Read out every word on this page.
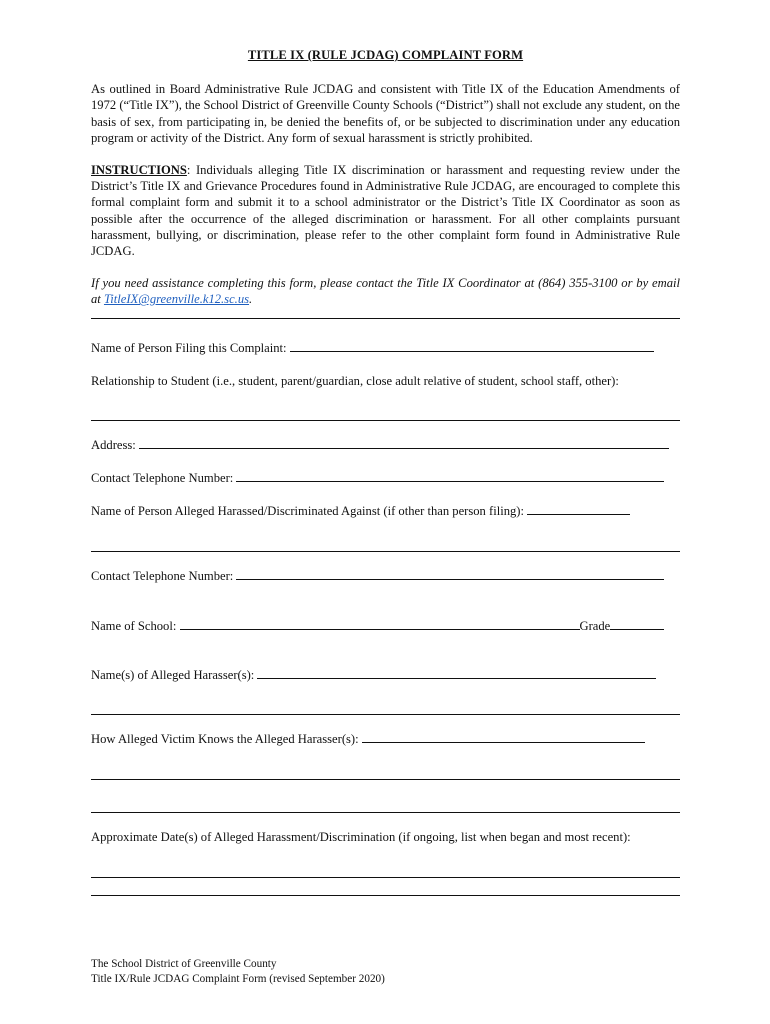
TITLE IX (RULE JCDAG) COMPLAINT FORM

As outlined in Board Administrative Rule JCDAG and consistent with Title IX of the Education Amendments of 1972 (“Title IX”), the School District of Greenville County Schools (“District”) shall not exclude any student, on the basis of sex, from participating in, be denied the benefits of, or be subjected to discrimination under any education program or activity of the District. Any form of sexual harassment is strictly prohibited.

INSTRUCTIONS: Individuals alleging Title IX discrimination or harassment and requesting review under the District’s Title IX and Grievance Procedures found in Administrative Rule JCDAG, are encouraged to complete this formal complaint form and submit it to a school administrator or the District’s Title IX Coordinator as soon as possible after the occurrence of the alleged discrimination or harassment. For all other complaints pursuant harassment, bullying, or discrimination, please refer to the other complaint form found in Administrative Rule JCDAG.

If you need assistance completing this form, please contact the Title IX Coordinator at (864) 355-3100 or by email at TitleIX@greenville.k12.sc.us.

Name of Person Filing this Complaint:
Relationship to Student (i.e., student, parent/guardian, close adult relative of student, school staff, other):
Address:
Contact Telephone Number:
Name of Person Alleged Harassed/Discriminated Against (if other than person filing):
Contact Telephone Number:
Name of School:	Grade
Name(s) of Alleged Harasser(s):
How Alleged Victim Knows the Alleged Harasser(s):
Approximate Date(s) of Alleged Harassment/Discrimination (if ongoing, list when began and most recent):
The School District of Greenville County
Title IX/Rule JCDAG Complaint Form (revised September 2020)
